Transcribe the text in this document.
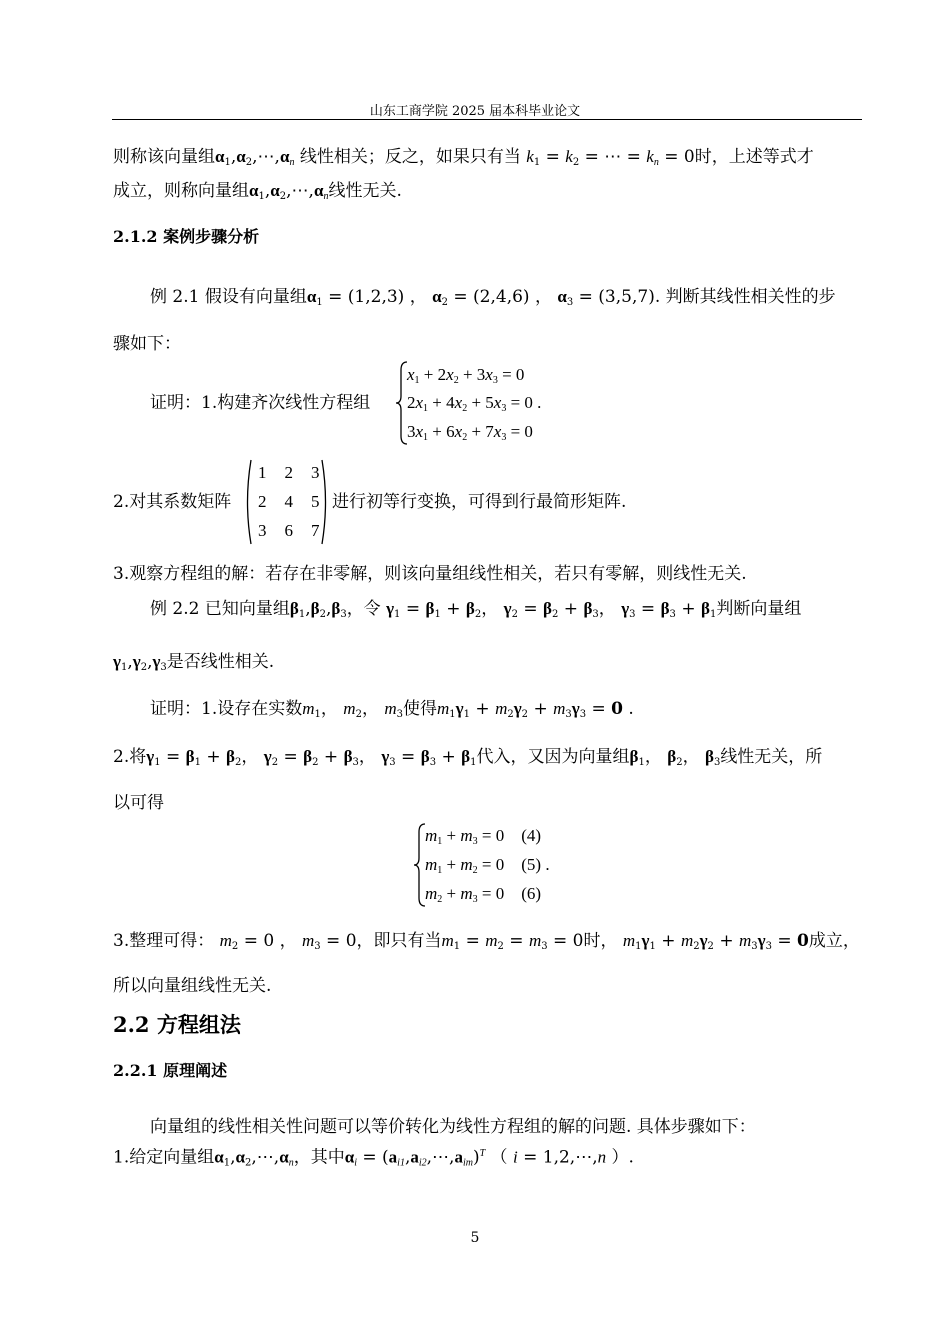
山东工商学院 2025 届本科毕业论文
则称该向量组$\alpha_1,\alpha_2,\cdots,\alpha_n$ 线性相关；反之，如果只有当 $k_1 = k_2$ = ⋯ = $k_n = 0$时，上述等式才
成立，则称向量组$\alpha_1,\alpha_2,\cdots,\alpha_n$线性无关.
2.1.2 案例步骤分析
例 2.1 假设有向量组$\alpha_1 = (1,2,3)$ ， $\alpha_2 = (2,4,6)$ ， $\alpha_3 = (3,5,7)$. 判断其线性相关性的步
骤如下：
证明：1.构建齐次线性方程组
$x_1 + 2x_2 + 3x_3 = 0$
$2x_1 + 4x_2 + 5x_3 = 0$ .
$3x_1 + 6x_2 + 7x_3 = 0$
2.对其系数矩阵
1	2	3
2	4	5
3	6	7
进行初等行变换，可得到行最简形矩阵.
3.观察方程组的解：若存在非零解，则该向量组线性相关，若只有零解，则线性无关.
例 2.2 已知向量组$\beta_1,\beta_2,\beta_3$，令 $\gamma_1 = \beta_1 + \beta_2$， $\gamma_2 = \beta_2 + \beta_3$， $\gamma_3 = \beta_3 + \beta_1$判断向量组
$\gamma_1,\gamma_2,\gamma_3$是否线性相关.
证明：1.设存在实数$m_1$， $m_2$， $m_3$使得$m_1\gamma_1 + m_2\gamma_2 + m_3\gamma_3 = 0$ .
2.将$\gamma_1 = \beta_1 + \beta_2$， $\gamma_2 = \beta_2 + \beta_3$， $\gamma_3 = \beta_3 + \beta_1$代入，又因为向量组$\beta_1$， $\beta_2$， $\beta_3$线性无关，所
以可得
$m_1 + m_3 = 0$    (4)
$m_1 + m_2 = 0$    (5) .
$m_2 + m_3 = 0$    (6)
3.整理可得： $m_2 = 0$ ， $m_3 = 0$，即只有当$m_1 = m_2 = m_3 = 0$时， $m_1\gamma_1 + m_2\gamma_2 + m_3\gamma_3 = 0$成立，
所以向量组线性无关.
2.2 方程组法
2.2.1 原理阐述
向量组的线性相关性问题可以等价转化为线性方程组的解的问题. 具体步骤如下：
1.给定向量组$\alpha_1,\alpha_2,\cdots,\alpha_n$，其中$\alpha_i$ = $(a_{i1},a_{i2},\cdots,a_{im})^T$ （ i = 1,2,⋯,n ）.
5
